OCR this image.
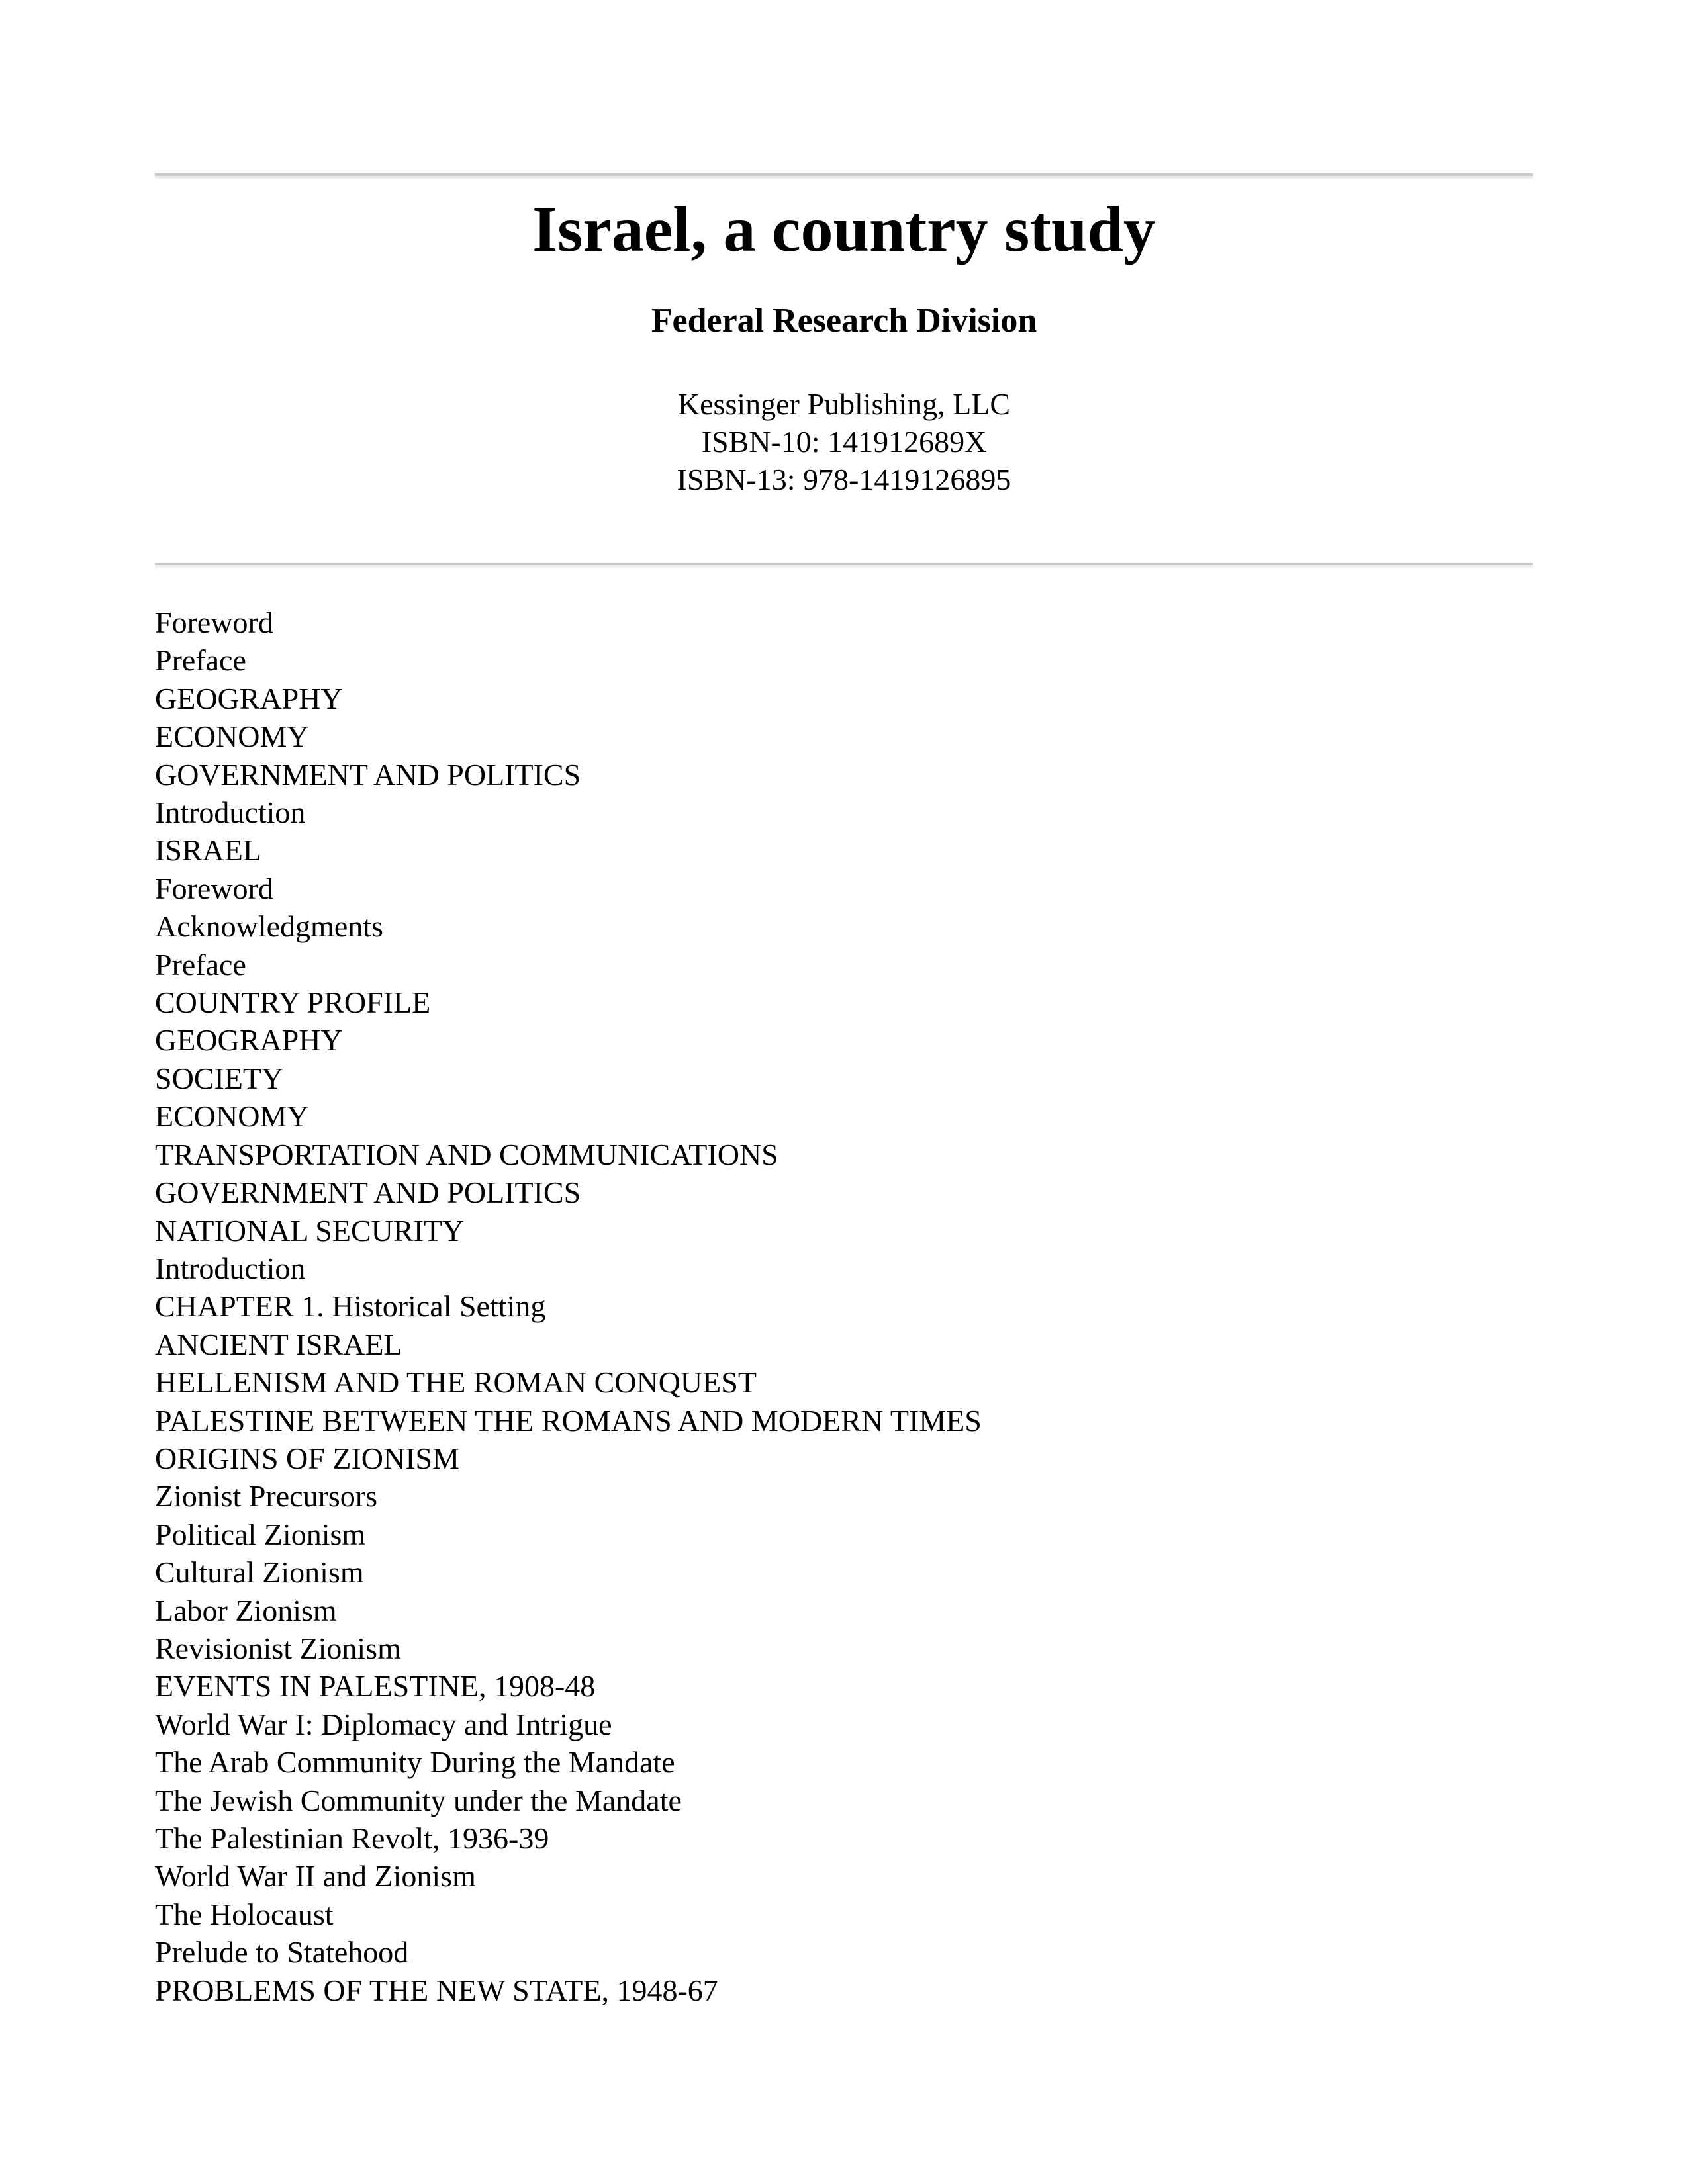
Israel, a country study
Federal Research Division
Kessinger Publishing, LLC
ISBN-10: 141912689X
ISBN-13: 978-1419126895
Foreword
Preface
GEOGRAPHY
ECONOMY
GOVERNMENT AND POLITICS
Introduction
ISRAEL
Foreword
Acknowledgments
Preface
COUNTRY PROFILE
GEOGRAPHY
SOCIETY
ECONOMY
TRANSPORTATION AND COMMUNICATIONS
GOVERNMENT AND POLITICS
NATIONAL SECURITY
Introduction
CHAPTER 1. Historical Setting
ANCIENT ISRAEL
HELLENISM AND THE ROMAN CONQUEST
PALESTINE BETWEEN THE ROMANS AND MODERN TIMES
ORIGINS OF ZIONISM
Zionist Precursors
Political Zionism
Cultural Zionism
Labor Zionism
Revisionist Zionism
EVENTS IN PALESTINE, 1908-48
World War I: Diplomacy and Intrigue
The Arab Community During the Mandate
The Jewish Community under the Mandate
The Palestinian Revolt, 1936-39
World War II and Zionism
The Holocaust
Prelude to Statehood
PROBLEMS OF THE NEW STATE, 1948-67
